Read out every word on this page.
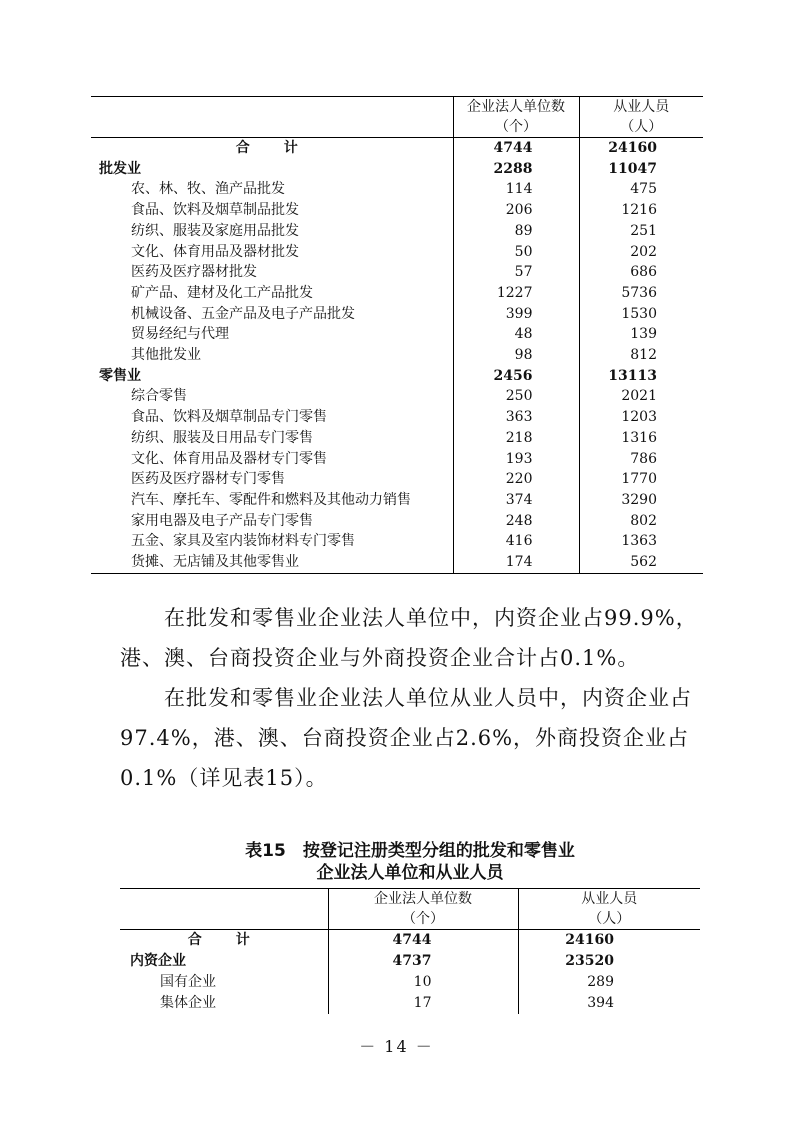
	企业法人单位数	从业人员
	（个）	（人）
合　计	4744	24160
批发业	2288	11047
农、林、牧、渔产品批发	114	475
食品、饮料及烟草制品批发	206	1216
纺织、服装及家庭用品批发	89	251
文化、体育用品及器材批发	50	202
医药及医疗器材批发	57	686
矿产品、建材及化工产品批发	1227	5736
机械设备、五金产品及电子产品批发	399	1530
贸易经纪与代理	48	139
其他批发业	98	812
零售业	2456	13113
综合零售	250	2021
食品、饮料及烟草制品专门零售	363	1203
纺织、服装及日用品专门零售	218	1316
文化、体育用品及器材专门零售	193	786
医药及医疗器材专门零售	220	1770
汽车、摩托车、零配件和燃料及其他动力销售	374	3290
家用电器及电子产品专门零售	248	802
五金、家具及室内装饰材料专门零售	416	1363
货摊、无店铺及其他零售业	174	562
在批发和零售业企业法人单位中，内资企业占99.9%，港、澳、台商投资企业与外商投资企业合计占0.1%。
在批发和零售业企业法人单位从业人员中，内资企业占97.4%，港、澳、台商投资企业占2.6%，外商投资企业占0.1%（详见表15）。
表15　按登记注册类型分组的批发和零售业
企业法人单位和从业人员
	企业法人单位数	从业人员
	（个）	（人）
合　计	4744	24160
内资企业	4737	23520
国有企业	10	289
集体企业	17	394
－ 14 －
